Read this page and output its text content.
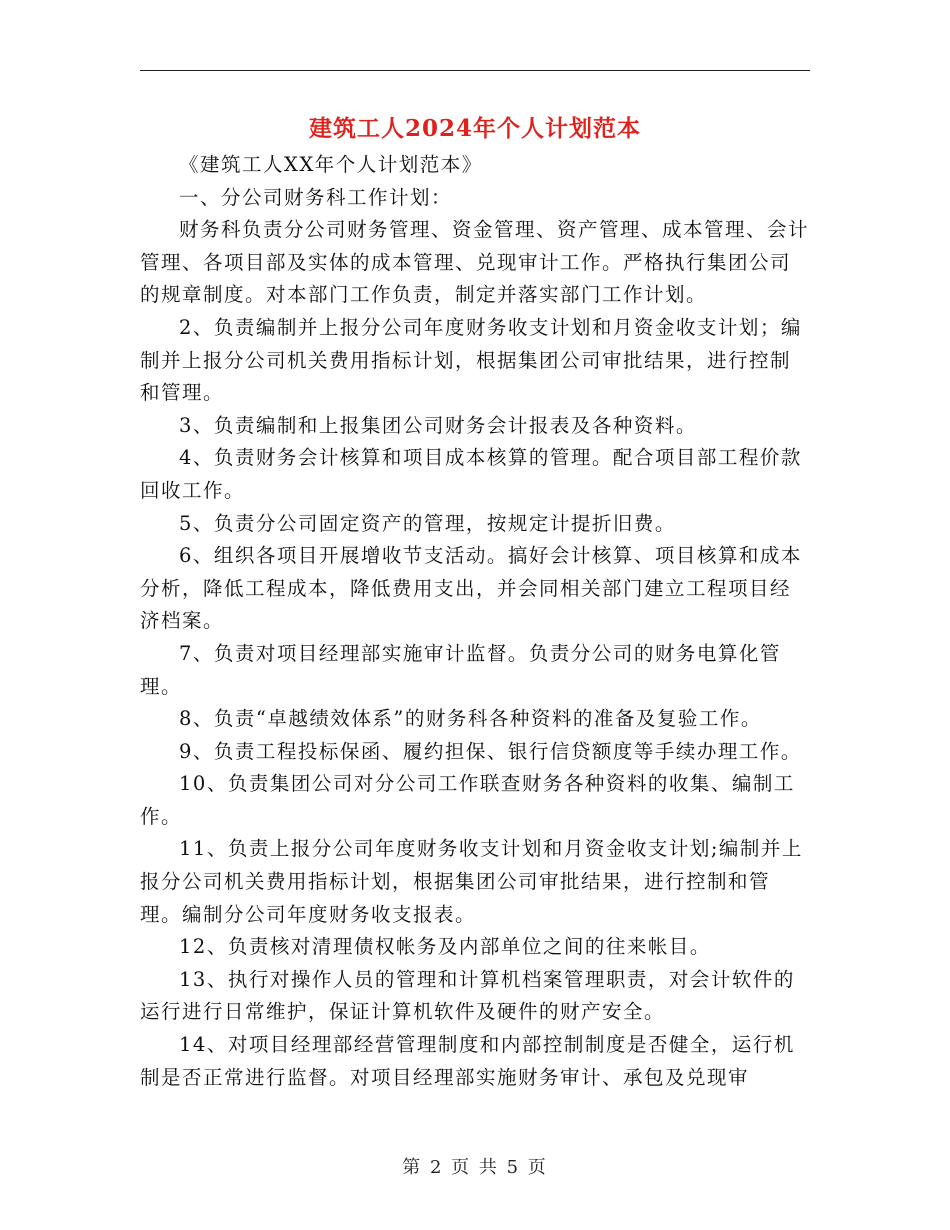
建筑工人2024年个人计划范本

《建筑工人XX年个人计划范本》

一、分公司财务科工作计划：

财务科负责分公司财务管理、资金管理、资产管理、成本管理、会计管理、各项目部及实体的成本管理、兑现审计工作。严格执行集团公司的规章制度。对本部门工作负责，制定并落实部门工作计划。

2、负责编制并上报分公司年度财务收支计划和月资金收支计划；编制并上报分公司机关费用指标计划，根据集团公司审批结果，进行控制和管理。

3、负责编制和上报集团公司财务会计报表及各种资料。

4、负责财务会计核算和项目成本核算的管理。配合项目部工程价款回收工作。

5、负责分公司固定资产的管理，按规定计提折旧费。

6、组织各项目开展增收节支活动。搞好会计核算、项目核算和成本分析，降低工程成本，降低费用支出，并会同相关部门建立工程项目经济档案。

7、负责对项目经理部实施审计监督。负责分公司的财务电算化管理。

8、负责“卓越绩效体系”的财务科各种资料的准备及复验工作。

9、负责工程投标保函、履约担保、银行信贷额度等手续办理工作。

10、负责集团公司对分公司工作联查财务各种资料的收集、编制工作。

11、负责上报分公司年度财务收支计划和月资金收支计划;编制并上报分公司机关费用指标计划，根据集团公司审批结果，进行控制和管理。编制分公司年度财务收支报表。

12、负责核对清理债权帐务及内部单位之间的往来帐目。

13、执行对操作人员的管理和计算机档案管理职责，对会计软件的运行进行日常维护，保证计算机软件及硬件的财产安全。

14、对项目经理部经营管理制度和内部控制制度是否健全，运行机制是否正常进行监督。对项目经理部实施财务审计、承包及兑现审

第 2 页 共 5 页
